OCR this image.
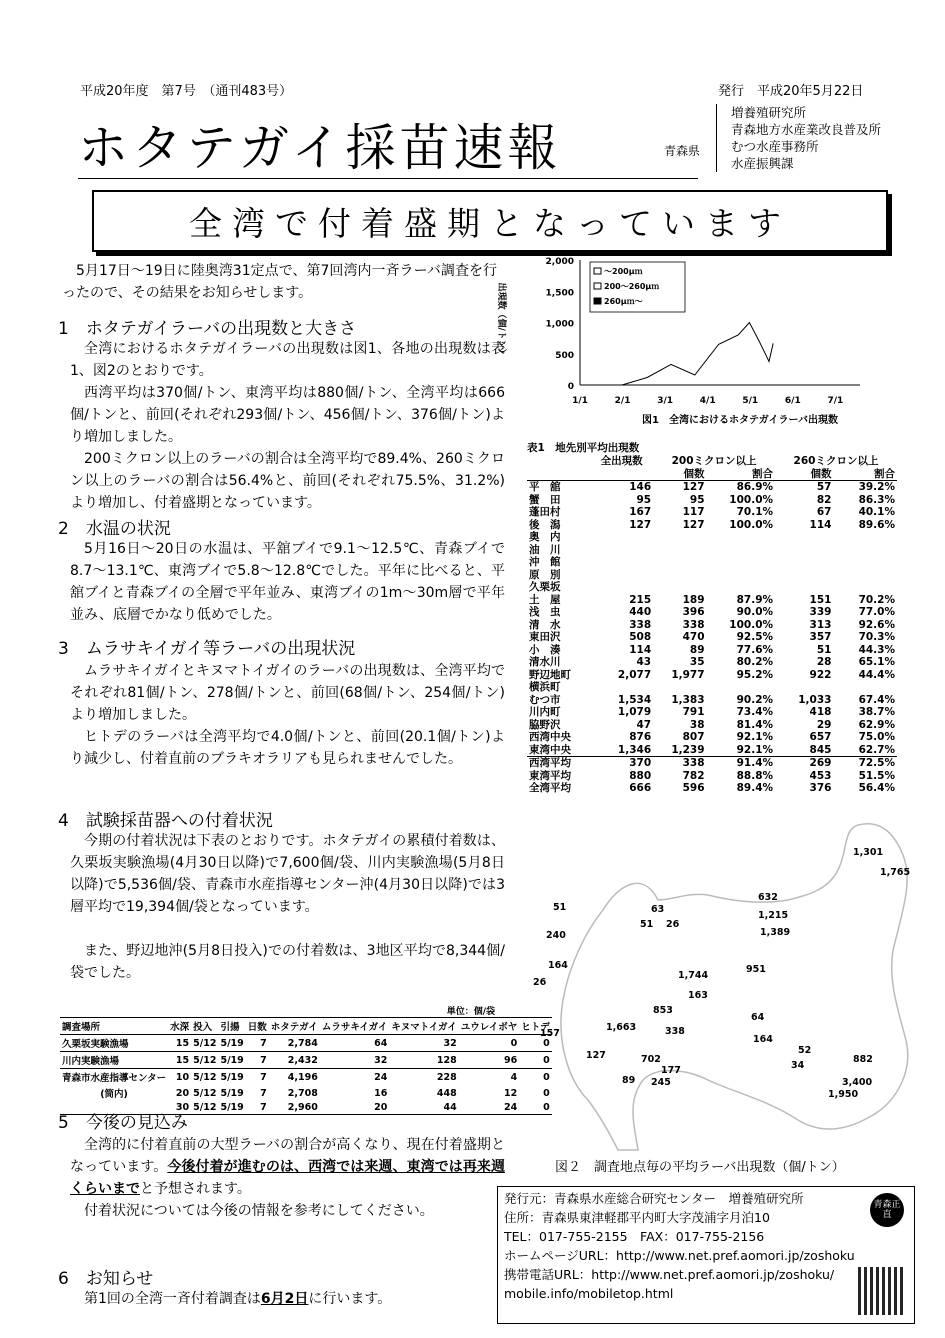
平成20年度　第7号　（通刊483号）	発行　平成20年5月22日
ホタテガイ採苗速報	青森県
増養殖研究所
青森地方水産業改良普及所
むつ水産事務所
水産振興課
全湾で付着盛期となっています
5月17日～19日に陸奥湾31定点で、第7回湾内一斉ラーバ調査を行ったので、その結果をお知らせします。
1　ホタテガイラーバの出現数と大きさ
全湾におけるホタテガイラーバの出現数は図1、各地の出現数は表1、図2のとおりです。
西湾平均は370個/トン、東湾平均は880個/トン、全湾平均は666個/トンと、前回(それぞれ293個/トン、456個/トン、376個/トン)より増加しました。
200ミクロン以上のラーバの割合は全湾平均で89.4%、260ミクロン以上のラーバの割合は56.4%と、前回(それぞれ75.5%、31.2%)より増加し、付着盛期となっています。
2　水温の状況
5月16日～20日の水温は、平舘ブイで9.1～12.5℃、青森ブイで8.7～13.1℃、東湾ブイで5.8～12.8℃でした。平年に比べると、平舘ブイと青森ブイの全層で平年並み、東湾ブイの1m～30m層で平年並み、底層でかなり低めでした。
3　ムラサキイガイ等ラーバの出現状況
ムラサキイガイとキヌマトイガイのラーバの出現数は、全湾平均でそれぞれ81個/トン、278個/トンと、前回(68個/トン、254個/トン)より増加しました。
ヒトデのラーバは全湾平均で4.0個/トンと、前回(20.1個/トン)より減少し、付着直前のブラキオラリアも見られませんでした。
4　試験採苗器への付着状況
今期の付着状況は下表のとおりです。ホタテガイの累積付着数は、久栗坂実験漁場(4月30日以降)で7,600個/袋、川内実験漁場(5月8日以降)で5,536個/袋、青森市水産指導センター沖(4月30日以降)では3層平均で19,394個/袋となっています。
また、野辺地沖(5月8日投入)での付着数は、3地区平均で8,344個/袋でした。
単位：個/袋
調査場所	水深	投入	引揚	日数	ホタテガイ	ムラサキイガイ	キヌマトイガイ	ユウレイボヤ	ヒトデ
久栗坂実験漁場	15	5/12	5/19	7	2,784	64	32	0	0
川内実験漁場	15	5/12	5/19	7	2,432	32	128	96	0
青森市水産指導センター	10	5/12	5/19	7	4,196	24	228	4	0
(筒内)	20	5/12	5/19	7	2,708	16	448	12	0
	30	5/12	5/19	7	2,960	20	44	24	0
5　今後の見込み
全湾的に付着直前の大型ラーバの割合が高くなり、現在付着盛期となっています。今後付着が進むのは、西湾では来週、東湾では再来週くらいまでと予想されます。
付着状況については今後の情報を参考にしてください。
6　お知らせ
第1回の全湾一斉付着調査は6月2日に行います。
0
500
1,000
1,500
2,000
1/1	2/1	3/1	4/1	5/1	6/1	7/1
～200μｍ
200～260μｍ
260μｍ～
出現数（個/トン）
図1　全湾におけるホタテガイラーバ出現数
表1　地先別平均出現数
	全出現数	200ミクロン以上		260ミクロン以上	
		個数	割合	個数	割合
平　舘	146	127	86.9%	57	39.2%
蟹　田	95	95	100.0%	82	86.3%
蓬田村	167	117	70.1%	67	40.1%
後　潟	127	127	100.0%	114	89.6%
奥　内					
油　川					
沖　館					
原　別					
久栗坂					
土　屋	215	189	87.9%	151	70.2%
浅　虫	440	396	90.0%	339	77.0%
清　水	338	338	100.0%	313	92.6%
東田沢	508	470	92.5%	357	70.3%
小　湊	114	89	77.6%	51	44.3%
清水川	43	35	80.2%	28	65.1%
野辺地町	2,077	1,977	95.2%	922	44.4%
横浜町					
むつ市	1,534	1,383	90.2%	1,033	67.4%
川内町	1,079	791	73.4%	418	38.7%
脇野沢	47	38	81.4%	29	62.9%
西湾中央	876	807	92.1%	657	75.0%
東湾中央	1,346	1,239	92.1%	845	62.7%
西湾平均	370	338	91.4%	269	72.5%
東湾平均	880	782	88.8%	453	51.5%
全湾平均	666	596	89.4%	376	56.4%
1,301
1,765
632
1,215
1,389
51	63
51 26
240
951
164
1,744
26
163
853
64
157
1,663	338
164
52
34
882
127	702
177
89 245	3,400
1,950
図２　調査地点毎の平均ラーバ出現数（個/トン）
発行元：青森県水産総合研究センター　増養殖研究所
住所：青森県東津軽郡平内町大字茂浦字月泊10
TEL：017-755-2155　FAX：017-755-2156
ホームページURL：http://www.net.pref.aomori.jp/zoshoku
携帯電話URL：http://www.net.pref.aomori.jp/zoshoku/
mobile.info/mobiletop.html
青森正直
